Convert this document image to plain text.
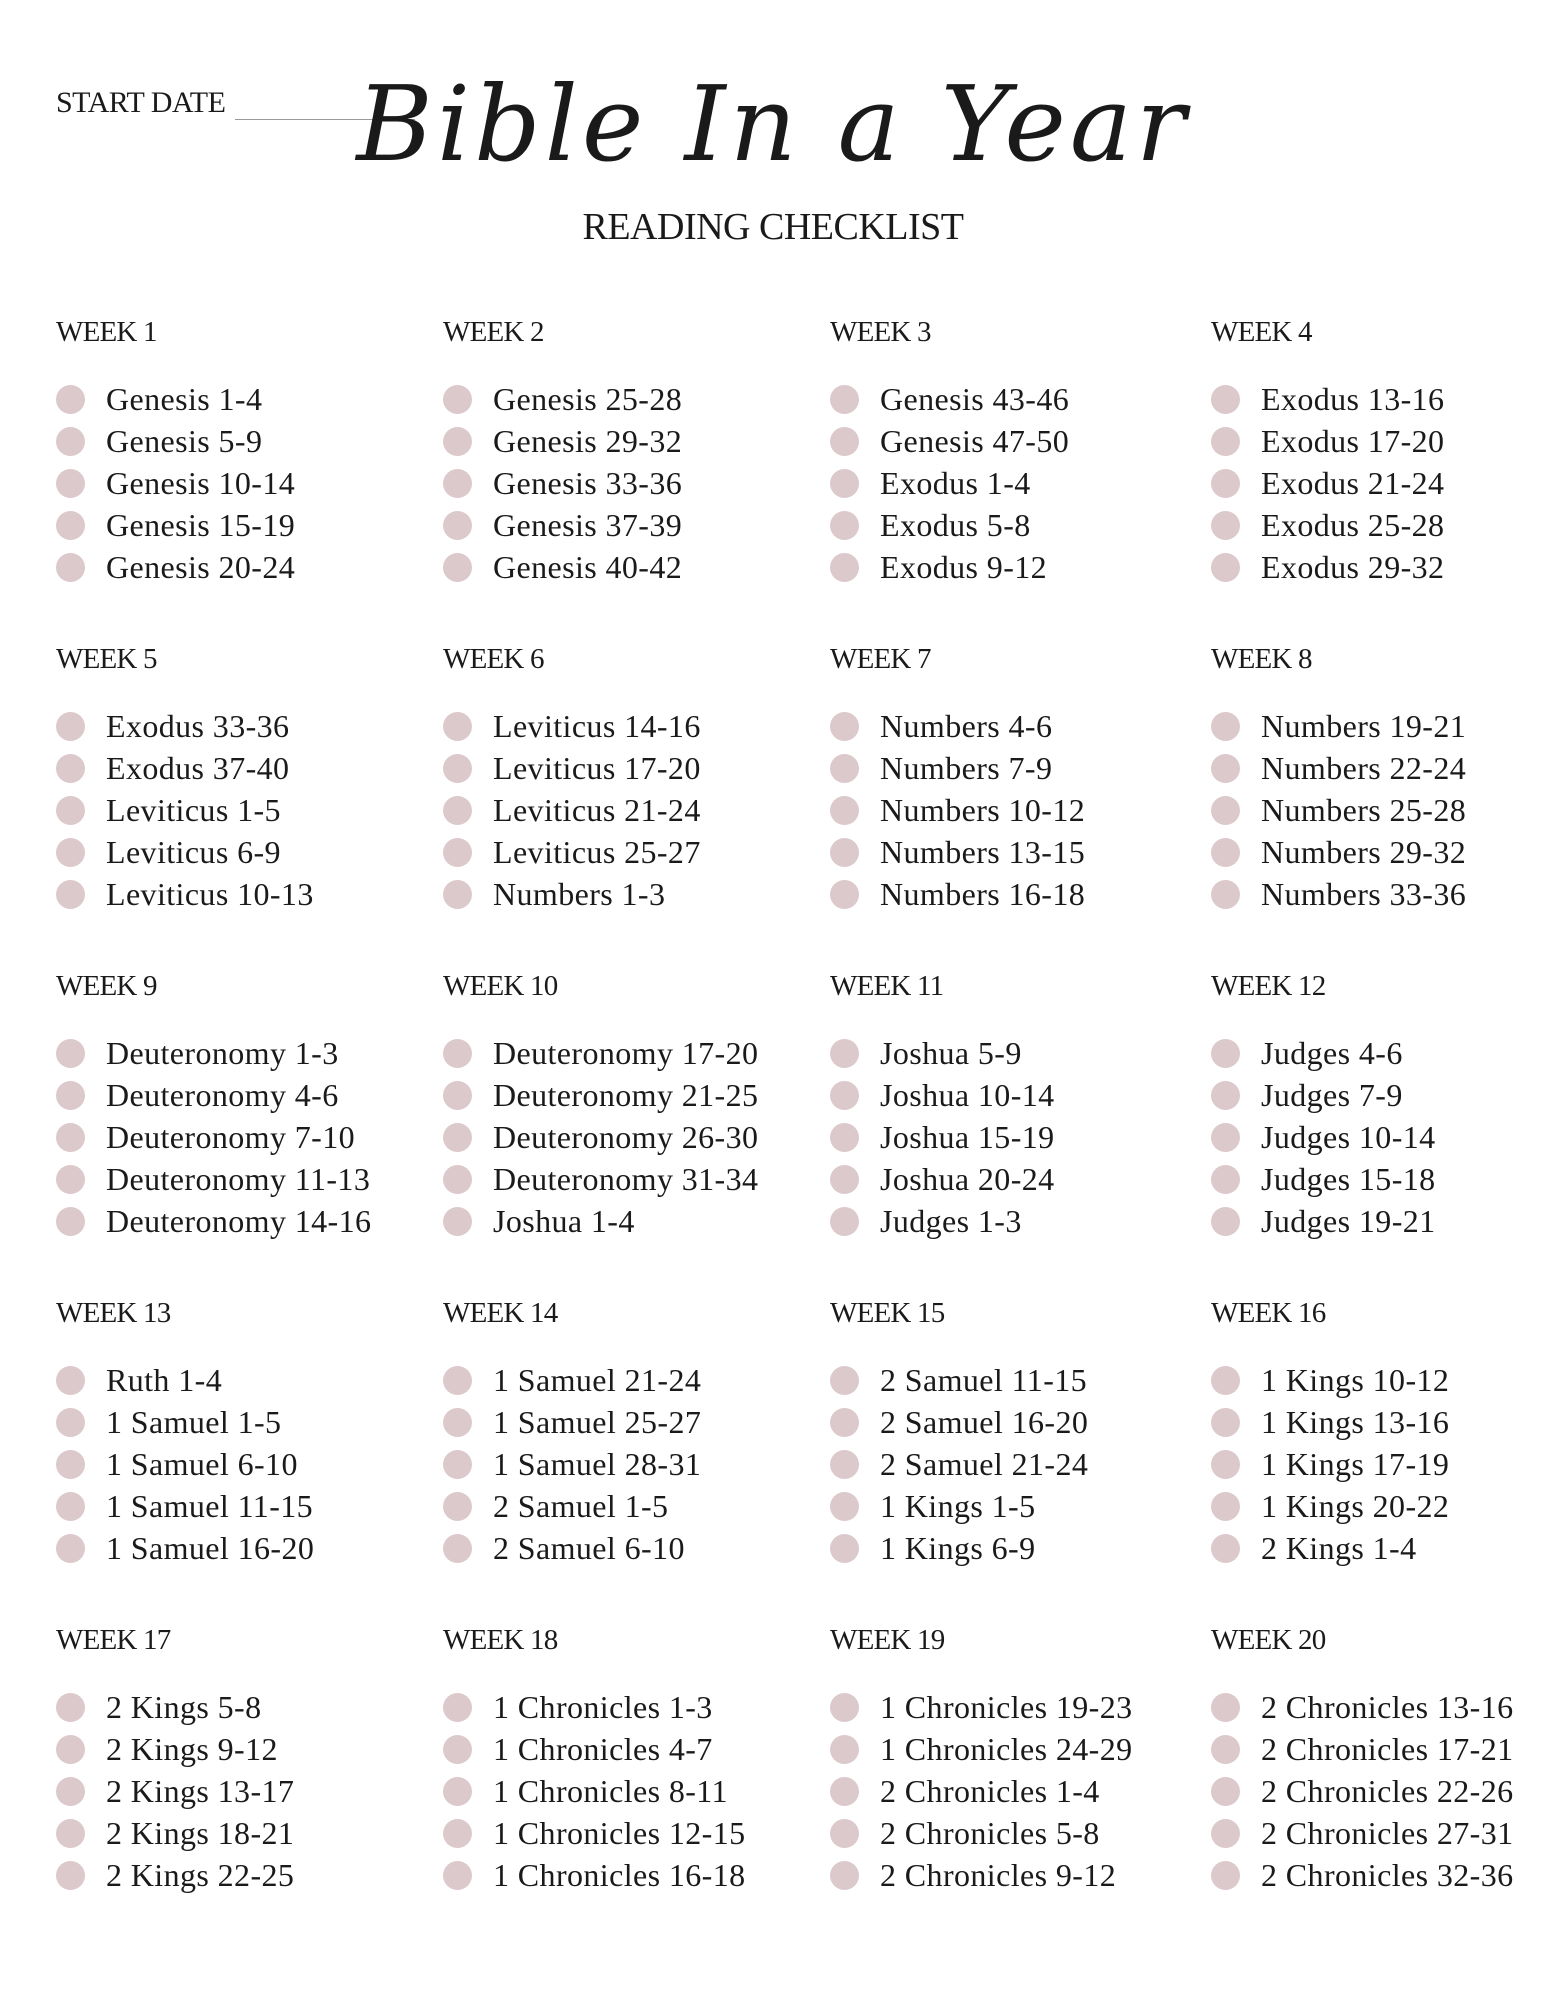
START DATE	Bible In a Year
READING CHECKLIST
WEEK 1
Genesis 1-4
Genesis 5-9
Genesis 10-14
Genesis 15-19
Genesis 20-24
WEEK 2
Genesis 25-28
Genesis 29-32
Genesis 33-36
Genesis 37-39
Genesis 40-42
WEEK 3
Genesis 43-46
Genesis 47-50
Exodus 1-4
Exodus 5-8
Exodus 9-12
WEEK 4
Exodus 13-16
Exodus 17-20
Exodus 21-24
Exodus 25-28
Exodus 29-32
WEEK 5
Exodus 33-36
Exodus 37-40
Leviticus 1-5
Leviticus 6-9
Leviticus 10-13
WEEK 6
Leviticus 14-16
Leviticus 17-20
Leviticus 21-24
Leviticus 25-27
Numbers 1-3
WEEK 7
Numbers 4-6
Numbers 7-9
Numbers 10-12
Numbers 13-15
Numbers 16-18
WEEK 8
Numbers 19-21
Numbers 22-24
Numbers 25-28
Numbers 29-32
Numbers 33-36
WEEK 9
Deuteronomy 1-3
Deuteronomy 4-6
Deuteronomy 7-10
Deuteronomy 11-13
Deuteronomy 14-16
WEEK 10
Deuteronomy 17-20
Deuteronomy 21-25
Deuteronomy 26-30
Deuteronomy 31-34
Joshua 1-4
WEEK 11
Joshua 5-9
Joshua 10-14
Joshua 15-19
Joshua 20-24
Judges 1-3
WEEK 12
Judges 4-6
Judges 7-9
Judges 10-14
Judges 15-18
Judges 19-21
WEEK 13
Ruth 1-4
1 Samuel 1-5
1 Samuel 6-10
1 Samuel 11-15
1 Samuel 16-20
WEEK 14
1 Samuel 21-24
1 Samuel 25-27
1 Samuel 28-31
2 Samuel 1-5
2 Samuel 6-10
WEEK 15
2 Samuel 11-15
2 Samuel 16-20
2 Samuel 21-24
1 Kings 1-5
1 Kings 6-9
WEEK 16
1 Kings 10-12
1 Kings 13-16
1 Kings 17-19
1 Kings 20-22
2 Kings 1-4
WEEK 17
2 Kings 5-8
2 Kings 9-12
2 Kings 13-17
2 Kings 18-21
2 Kings 22-25
WEEK 18
1 Chronicles 1-3
1 Chronicles 4-7
1 Chronicles 8-11
1 Chronicles 12-15
1 Chronicles 16-18
WEEK 19
1 Chronicles 19-23
1 Chronicles 24-29
2 Chronicles 1-4
2 Chronicles 5-8
2 Chronicles 9-12
WEEK 20
2 Chronicles 13-16
2 Chronicles 17-21
2 Chronicles 22-26
2 Chronicles 27-31
2 Chronicles 32-36
